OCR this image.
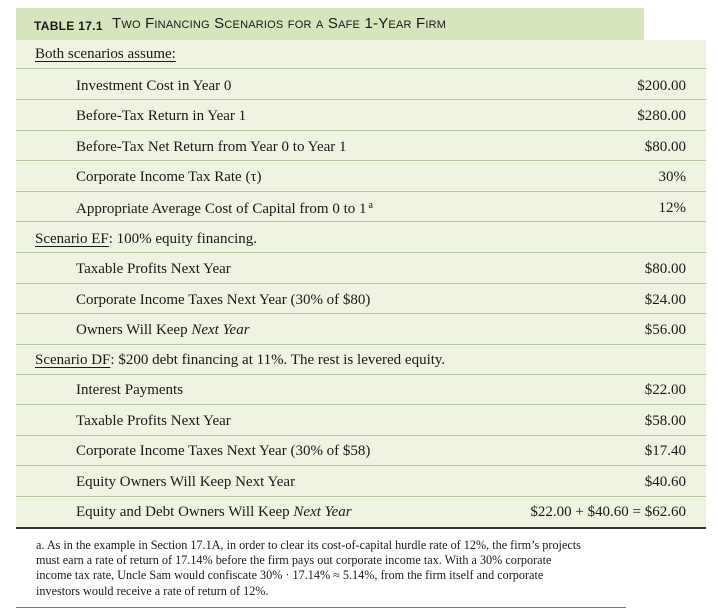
TABLE 17.1 Two Financing Scenarios for a Safe 1-Year Firm
Both scenarios assume:
Investment Cost in Year 0	$200.00
Before-Tax Return in Year 1	$280.00
Before-Tax Net Return from Year 0 to Year 1	$80.00
Corporate Income Tax Rate (τ)	30%
Appropriate Average Cost of Capital from 0 to 1 $^a$	12%
Scenario EF: 100% equity financing.
Taxable Profits Next Year	$80.00
Corporate Income Taxes Next Year (30% of $80)	$24.00
Owners Will Keep Next Year	$56.00
Scenario DF: $200 debt financing at 11%. The rest is levered equity.
Interest Payments	$22.00
Taxable Profits Next Year	$58.00
Corporate Income Taxes Next Year (30% of $58)	$17.40
Equity Owners Will Keep Next Year	$40.60
Equity and Debt Owners Will Keep Next Year	$22.00 + $40.60 = $62.60
a. As in the example in Section 17.1A, in order to clear its cost-of-capital hurdle rate of 12%, the firm’s projects
must earn a rate of return of 17.14% before the firm pays out corporate income tax. With a 30% corporate
income tax rate, Uncle Sam would confiscate 30% · 17.14% ≈ 5.14%, from the firm itself and corporate
investors would receive a rate of return of 12%.
